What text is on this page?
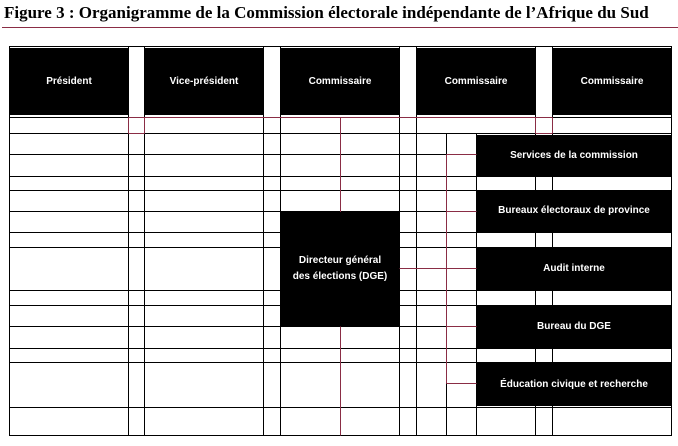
Figure 3 : Organigramme de la Commission électorale indépendante de l’Afrique du Sud
Président	Vice-président	Commissaire	Commissaire	Commissaire
Directeur général
des élections (DGE)
Services de la commission
Bureaux électoraux de province
Audit interne
Bureau du DGE
Éducation civique et recherche
